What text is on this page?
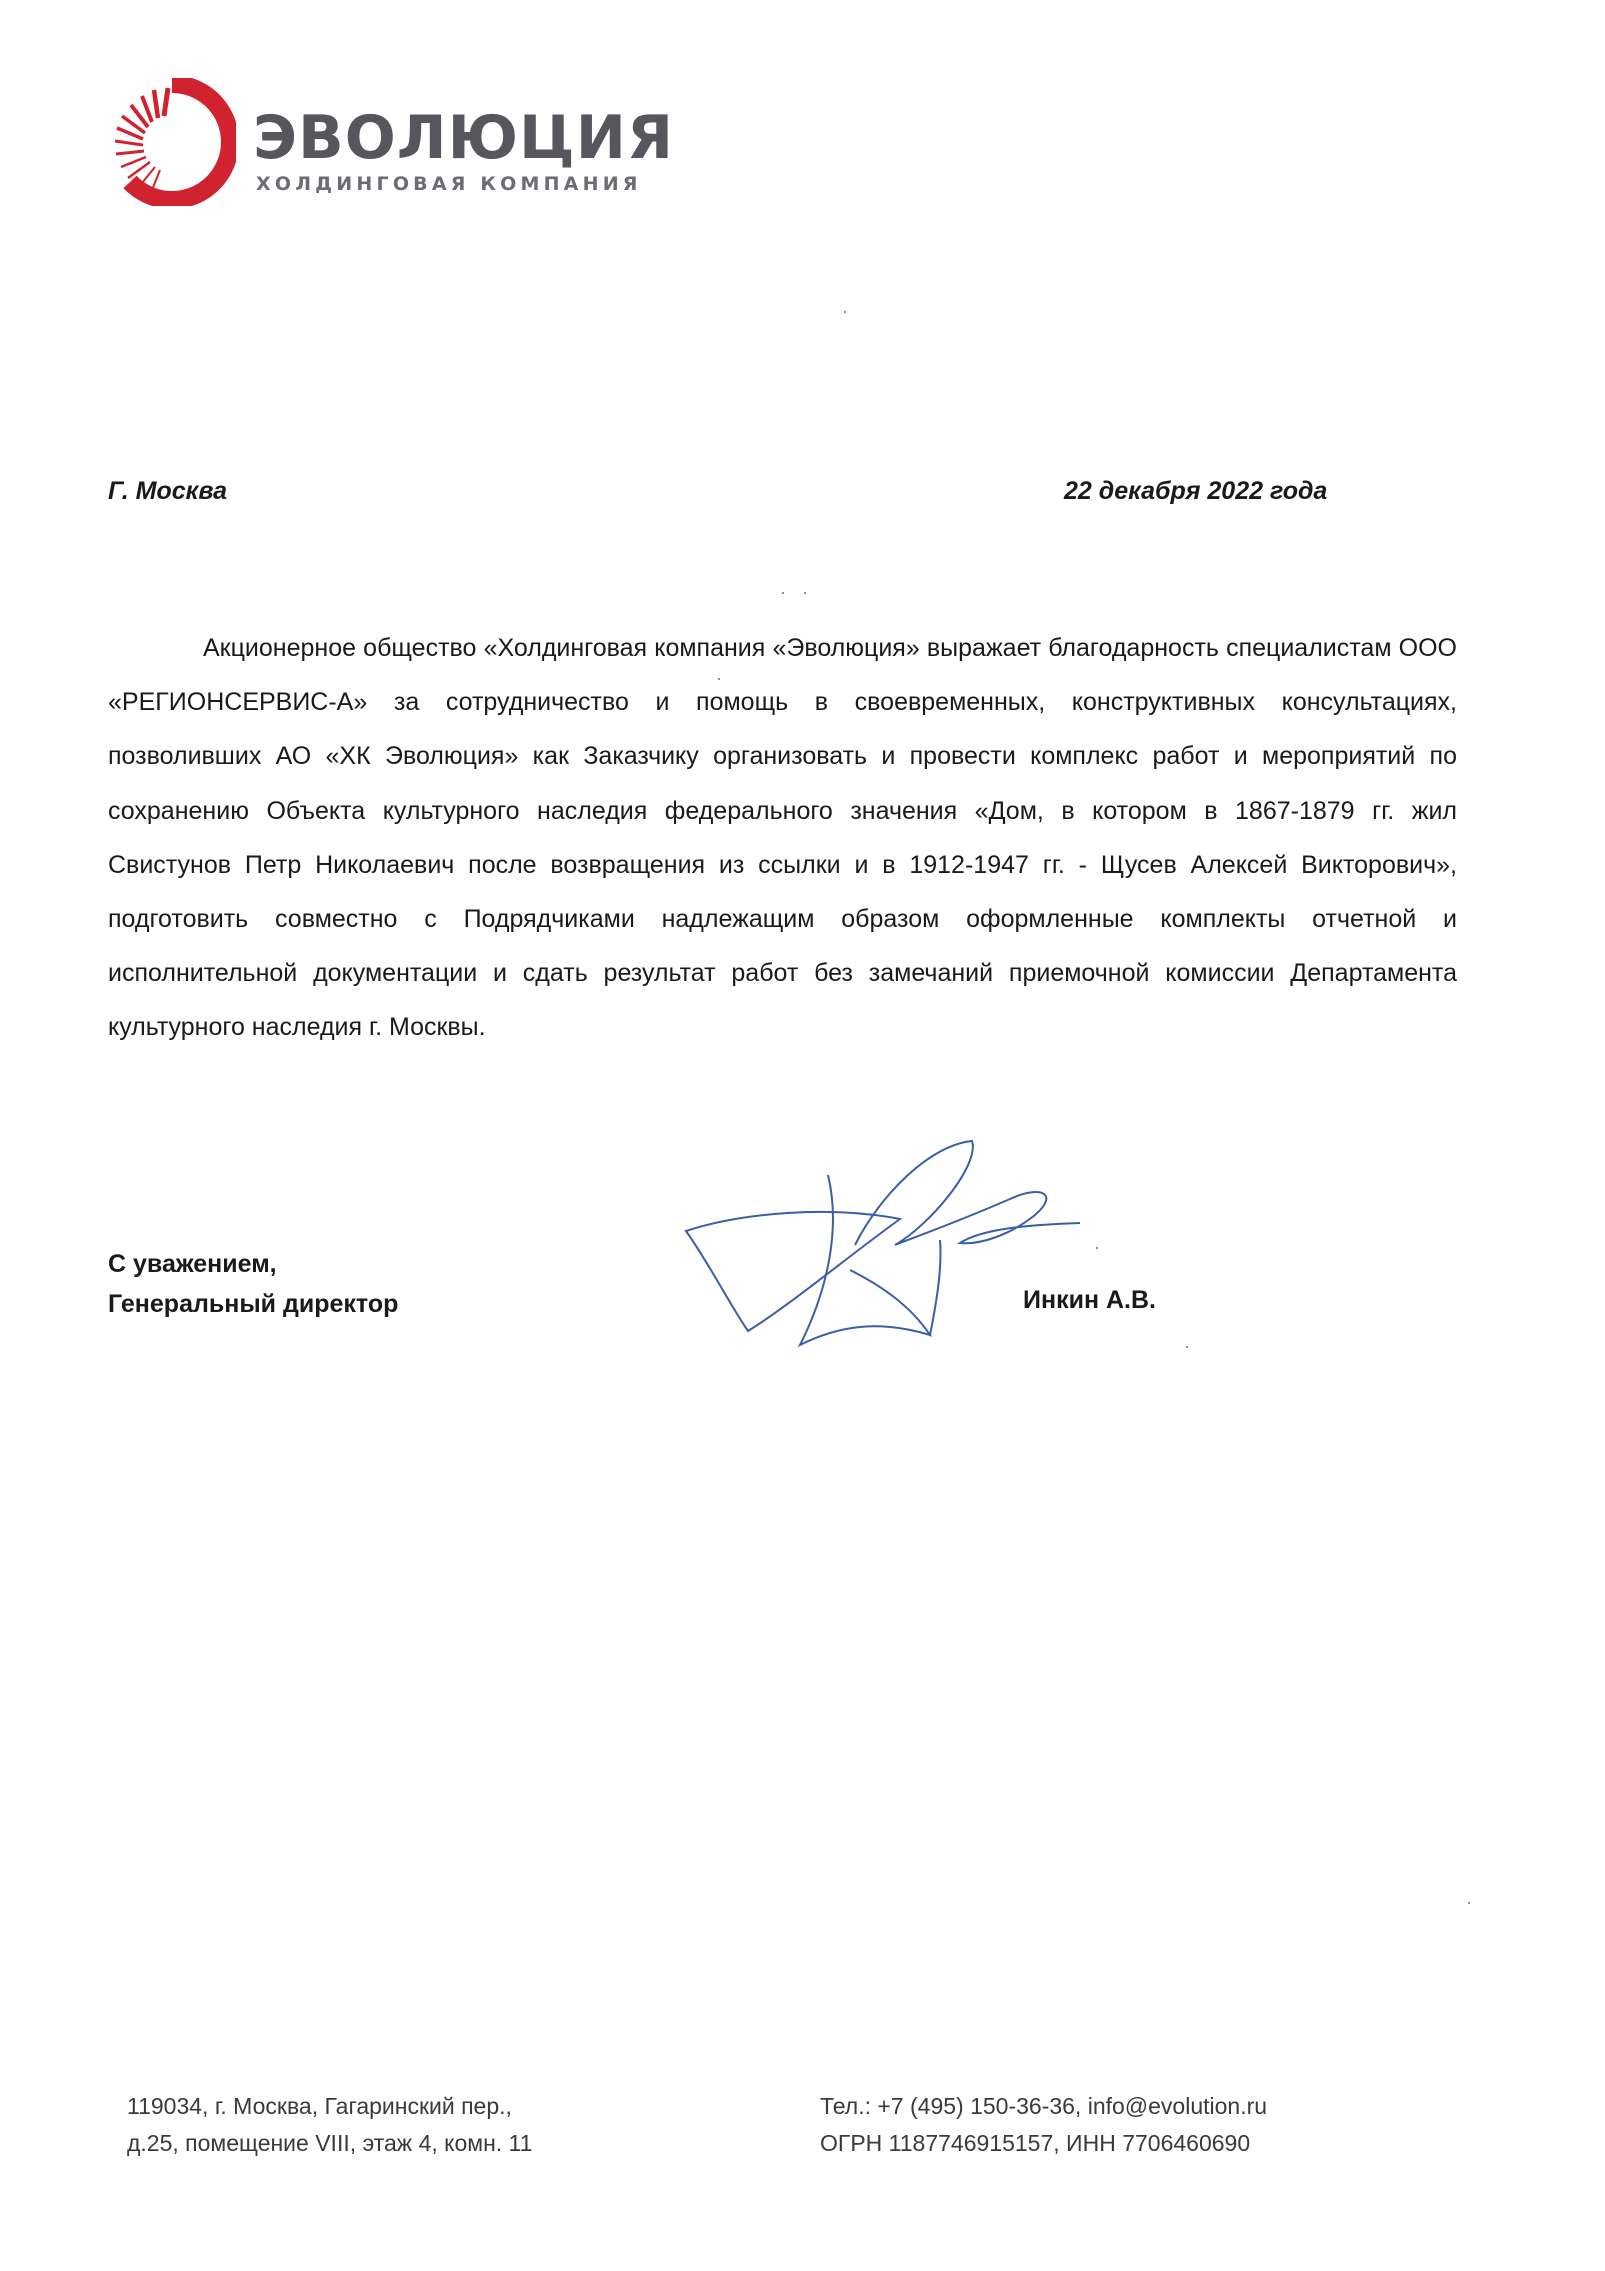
ЭВОЛЮЦИЯ
ХОЛДИНГОВАЯ КОМПАНИЯ
Г. Москва	22 декабря 2022 года

Акционерное общество «Холдинговая компания «Эволюция» выражает благодарность специалистам ООО «РЕГИОНСЕРВИС-А» за сотрудничество и помощь в своевременных, конструктивных консультациях, позволивших АО «ХК Эволюция» как Заказчику организовать и провести комплекс работ и мероприятий по сохранению Объекта культурного наследия федерального значения «Дом, в котором в 1867-1879 гг. жил Свистунов Петр Николаевич после возвращения из ссылки и в 1912-1947 гг. - Щусев Алексей Викторович», подготовить совместно с Подрядчиками надлежащим образом оформленные комплекты отчетной и исполнительной документации и сдать результат работ без замечаний приемочной комиссии Департамента культурного наследия г. Москвы.

С уважением,
Генеральный директор	Инкин А.В.
119034, г. Москва, Гагаринский пер.,
д.25, помещение VIII, этаж 4, комн. 11
Тел.: +7 (495) 150-36-36, info@evolution.ru
ОГРН 1187746915157, ИНН 7706460690
